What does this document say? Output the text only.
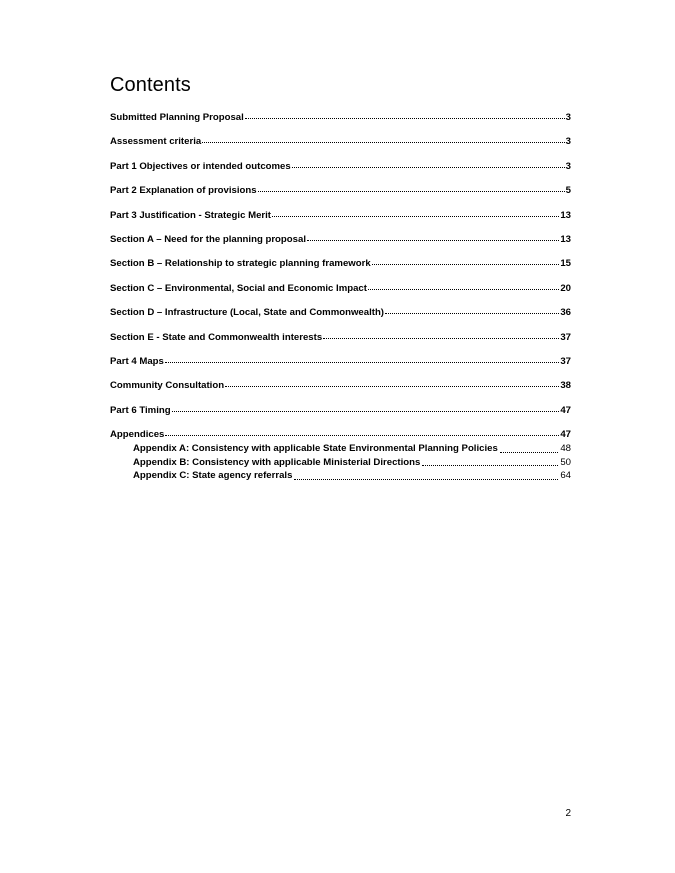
Contents
Submitted Planning Proposal	3
Assessment criteria	3
Part 1 Objectives or intended outcomes	3
Part 2 Explanation of provisions	5
Part 3 Justification - Strategic Merit	13
Section A – Need for the planning proposal	13
Section B – Relationship to strategic planning framework	15
Section C – Environmental, Social and Economic Impact	20
Section D – Infrastructure (Local, State and Commonwealth)	36
Section E - State and Commonwealth interests	37
Part 4 Maps	37
Community Consultation	38
Part 6 Timing	47
Appendices	47
Appendix A: Consistency with applicable State Environmental Planning Policies	48
Appendix B: Consistency with applicable Ministerial Directions	50
Appendix C: State agency referrals	64
2
